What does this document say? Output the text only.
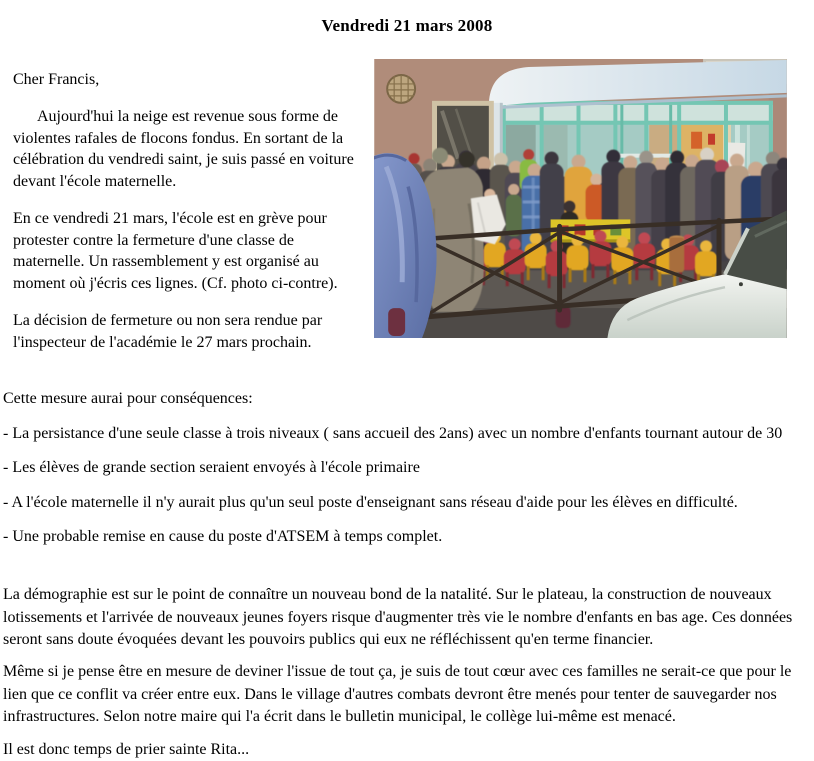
Vendredi 21 mars 2008

Cher Francis,

Aujourd'hui la neige est revenue sous forme de violentes rafales de flocons fondus. En sortant de la célébration du vendredi saint, je suis passé en voiture devant l'école maternelle.

En ce vendredi 21 mars, l'école est en grève pour protester contre la fermeture d'une classe de maternelle. Un rassemblement y est organisé au moment où j'écris ces lignes. (Cf. photo ci-contre).

La décision de fermeture ou non sera rendue par l'inspecteur de l'académie le 27 mars prochain.

Cette mesure aurai pour conséquences:

- La persistance d'une seule classe à trois niveaux ( sans accueil des 2ans) avec un nombre d'enfants tournant autour de 30

- Les élèves de grande section seraient envoyés à l'école primaire

- A l'école maternelle il n'y aurait plus qu'un seul poste d'enseignant sans réseau d'aide pour les élèves en difficulté.

- Une probable remise en cause du poste d'ATSEM à temps complet.

La démographie est sur le point de connaître un nouveau bond de la natalité. Sur le plateau, la construction de nouveaux lotissements et l'arrivée de nouveaux jeunes foyers risque d'augmenter très vie le nombre d'enfants en bas age. Ces données seront sans doute évoquées devant les pouvoirs publics qui eux ne réfléchissent qu'en terme financier.

Même si je pense être en mesure de deviner l'issue de tout ça, je suis de tout cœur avec ces familles ne serait-ce que pour le lien que ce conflit va créer entre eux. Dans le village d'autres combats devront être menés pour tenter de sauvegarder nos infrastructures. Selon notre maire qui l'a écrit dans le bulletin municipal, le collège lui-même est menacé.

Il est donc temps de prier sainte Rita...
